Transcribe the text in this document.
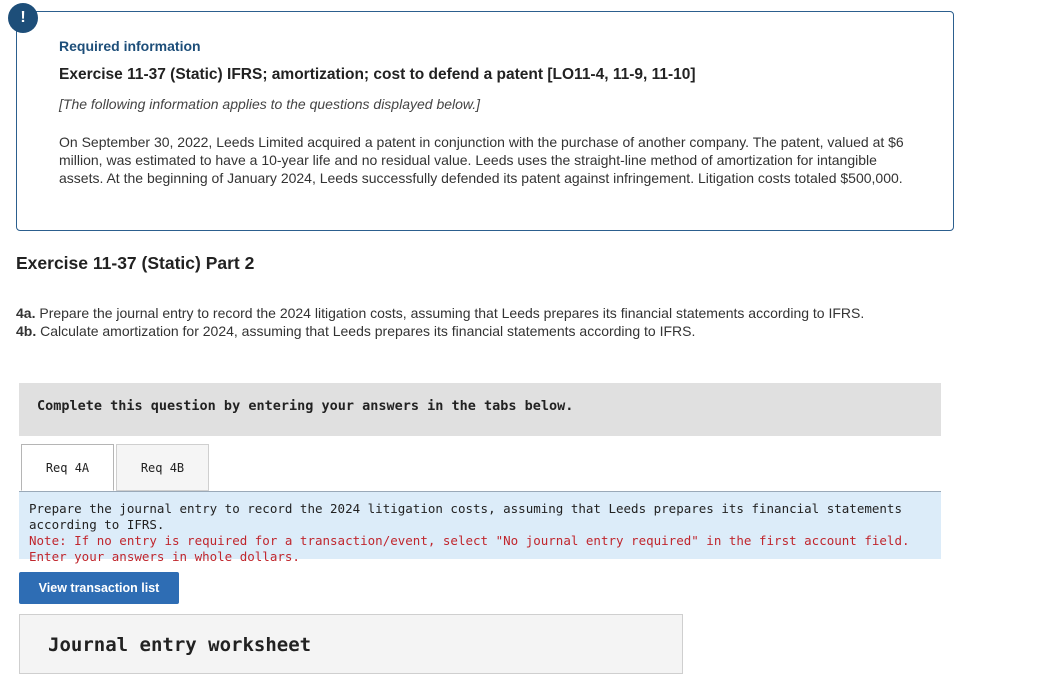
!
Required information
Exercise 11-37 (Static) IFRS; amortization; cost to defend a patent [LO11-4, 11-9, 11-10]
[The following information applies to the questions displayed below.]

On September 30, 2022, Leeds Limited acquired a patent in conjunction with the purchase of another company. The patent, valued at $6 million, was estimated to have a 10-year life and no residual value. Leeds uses the straight-line method of amortization for intangible assets. At the beginning of January 2024, Leeds successfully defended its patent against infringement. Litigation costs totaled $500,000.

Exercise 11-37 (Static) Part 2

4a. Prepare the journal entry to record the 2024 litigation costs, assuming that Leeds prepares its financial statements according to IFRS.

4b. Calculate amortization for 2024, assuming that Leeds prepares its financial statements according to IFRS.

Complete this question by entering your answers in the tabs below.
Req 4A	Req 4B
Prepare the journal entry to record the 2024 litigation costs, assuming that Leeds prepares its financial statements according to IFRS.
Note: If no entry is required for a transaction/event, select "No journal entry required" in the first account field. Enter your answers in whole dollars.
View transaction list
Journal entry worksheet
